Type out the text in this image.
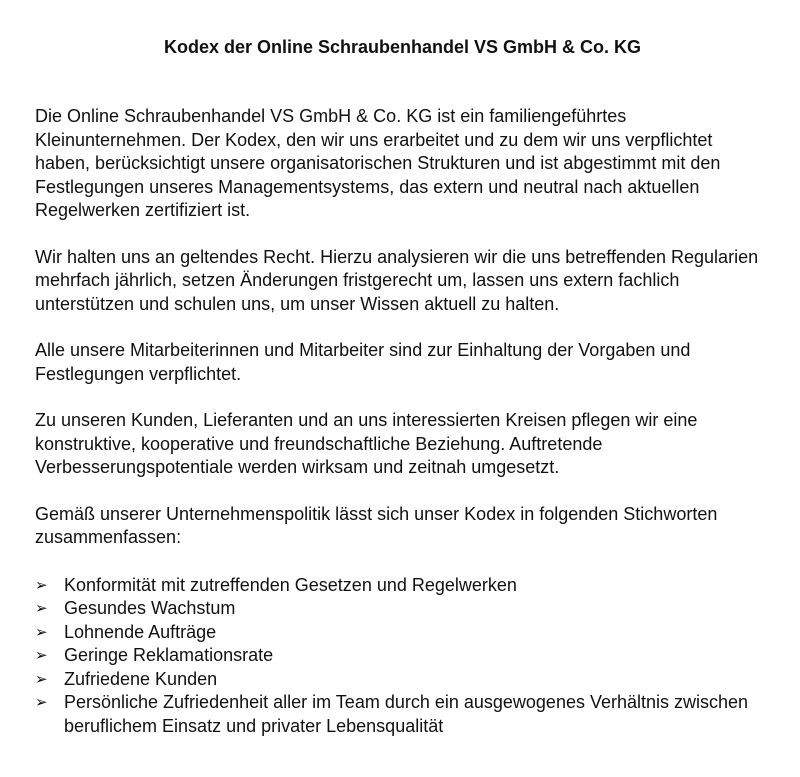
Kodex der Online Schraubenhandel VS GmbH & Co. KG

Die Online Schraubenhandel VS GmbH & Co. KG ist ein familiengeführtes Kleinunternehmen. Der Kodex, den wir uns erarbeitet und zu dem wir uns verpflichtet haben, berücksichtigt unsere organisatorischen Strukturen und ist abgestimmt mit den Festlegungen unseres Managementsystems, das extern und neutral nach aktuellen Regelwerken zertifiziert ist.

Wir halten uns an geltendes Recht. Hierzu analysieren wir die uns betreffenden Regularien mehrfach jährlich, setzen Änderungen fristgerecht um, lassen uns extern fachlich unterstützen und schulen uns, um unser Wissen aktuell zu halten.

Alle unsere Mitarbeiterinnen und Mitarbeiter sind zur Einhaltung der Vorgaben und Festlegungen verpflichtet.

Zu unseren Kunden, Lieferanten und an uns interessierten Kreisen pflegen wir eine konstruktive, kooperative und freundschaftliche Beziehung. Auftretende Verbesserungspotentiale werden wirksam und zeitnah umgesetzt.

Gemäß unserer Unternehmenspolitik lässt sich unser Kodex in folgenden Stichworten zusammenfassen:

➢ Konformität mit zutreffenden Gesetzen und Regelwerken
➢ Gesundes Wachstum
➢ Lohnende Aufträge
➢ Geringe Reklamationsrate
➢ Zufriedene Kunden
➢ Persönliche Zufriedenheit aller im Team durch ein ausgewogenes Verhältnis zwischen beruflichem Einsatz und privater Lebensqualität
